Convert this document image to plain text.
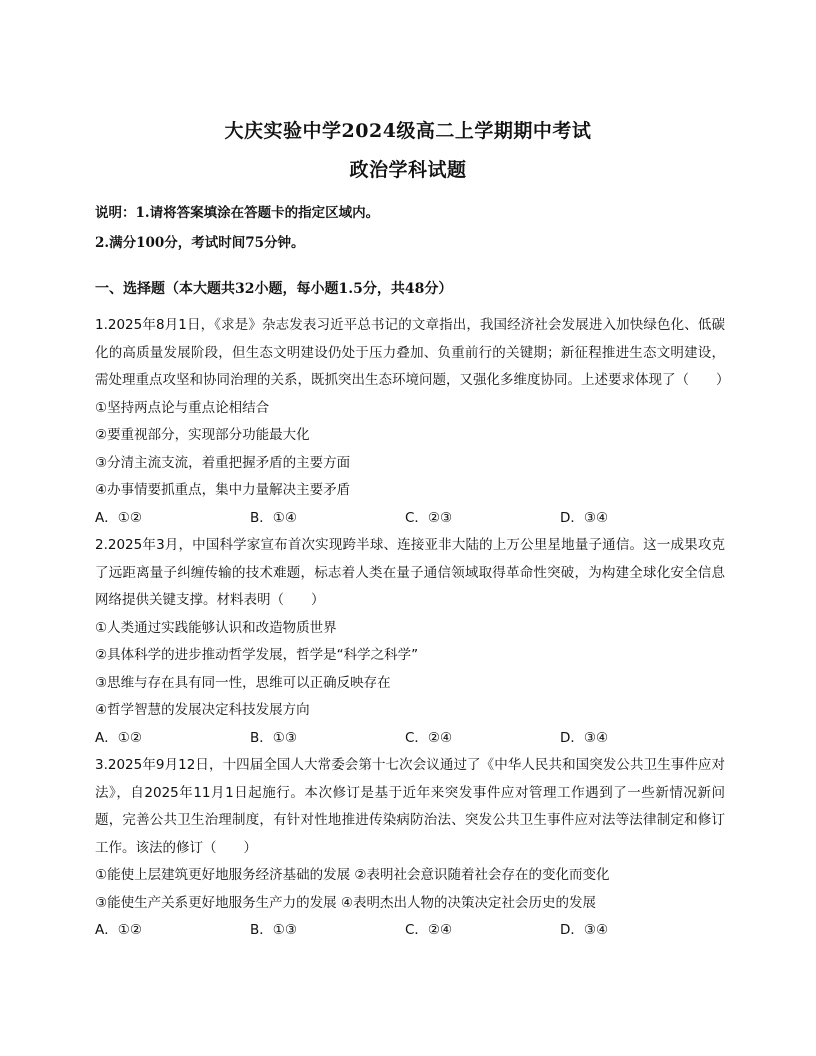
大庆实验中学2024级高二上学期期中考试
政治学科试题
说明：1.请将答案填涂在答题卡的指定区域内。
2.满分100分，考试时间75分钟。
一、选择题（本大题共32小题，每小题1.5分，共48分）
1.2025年8月1日，《求是》杂志发表习近平总书记的文章指出，我国经济社会发展进入加快绿色化、低碳化的高质量发展阶段，但生态文明建设仍处于压力叠加、负重前行的关键期；新征程推进生态文明建设，需处理重点攻坚和协同治理的关系，既抓突出生态环境问题，又强化多维度协同。上述要求体现了（　　）
①坚持两点论与重点论相结合
②要重视部分，实现部分功能最大化
③分清主流支流，着重把握矛盾的主要方面
④办事情要抓重点，集中力量解决主要矛盾
A．①②	B．①④	C．②③	D．③④
2.2025年3月，中国科学家宣布首次实现跨半球、连接亚非大陆的上万公里星地量子通信。这一成果攻克了远距离量子纠缠传输的技术难题，标志着人类在量子通信领域取得革命性突破，为构建全球化安全信息网络提供关键支撑。材料表明（　　）
①人类通过实践能够认识和改造物质世界
②具体科学的进步推动哲学发展，哲学是“科学之科学”
③思维与存在具有同一性，思维可以正确反映存在
④哲学智慧的发展决定科技发展方向
A．①②	B．①③	C．②④	D．③④
3.2025年9月12日，十四届全国人大常委会第十七次会议通过了《中华人民共和国突发公共卫生事件应对法》，自2025年11月1日起施行。本次修订是基于近年来突发事件应对管理工作遇到了一些新情况新问题，完善公共卫生治理制度，有针对性地推进传染病防治法、突发公共卫生事件应对法等法律制定和修订工作。该法的修订（　　）
①能使上层建筑更好地服务经济基础的发展 ②表明社会意识随着社会存在的变化而变化
③能使生产关系更好地服务生产力的发展 ④表明杰出人物的决策决定社会历史的发展
A．①②	B．①③	C．②④	D．③④
